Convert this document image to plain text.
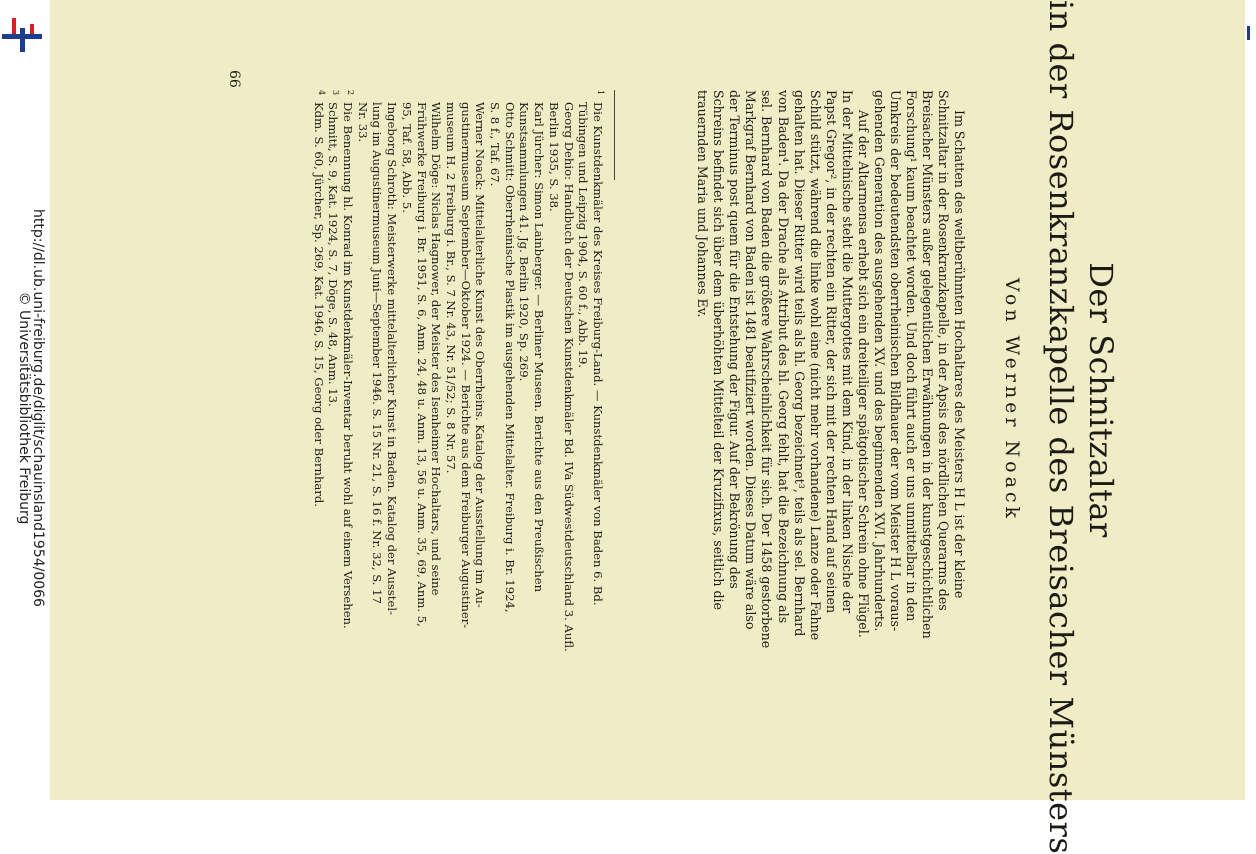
http://dl.ub.uni-freiburg.de/diglit/schauinsland1954/0066
© Universitätsbibliothek Freiburg	Der Schnitzaltar
in der Rosenkranzkapelle des Breisacher Münsters
Von Werner Noack
Im Schatten des weltberühmten Hochaltares des Meisters H L ist der kleine
Schnitzaltar in der Rosenkranzkapelle, in der Apsis des nördlichen Querarms des
Breisacher Münsters außer gelegentlichen Erwähnungen in der kunstgeschichtlichen
Forschung¹ kaum beachtet worden. Und doch führt auch er uns unmittelbar in den
Umkreis der bedeutendsten oberrheinischen Bildhauer der vom Meister H L voraus-
gehenden Generation des ausgehenden XV. und des beginnenden XVI. Jahrhunderts.
Auf der Altarmensa erhebt sich ein dreiteiliger spätgotischer Schrein ohne Flügel.
In der Mittelnische steht die Muttergottes mit dem Kind, in der linken Nische der
Papst Gregor², in der rechten ein Ritter, der sich mit der rechten Hand auf seinen
Schild stützt, während die linke wohl eine (nicht mehr vorhandene) Lanze oder Fahne
gehalten hat. Dieser Ritter wird teils als hl. Georg bezeichnet³, teils als sel. Bernhard
von Baden⁴. Da der Drache als Attribut des hl. Georg fehlt, hat die Bezeichnung als
sel. Bernhard von Baden die größere Wahrscheinlichkeit für sich. Der 1458 gestorbene
Markgraf Bernhard von Baden ist 1481 beatifiziert worden. Dieses Datum wäre also
der Terminus post quem für die Entstehung der Figur. Auf der Bekrönung des
Schreins befindet sich über dem überhöhten Mittelteil der Kruzifixus, seitlich die
trauernden Maria und Johannes Ev.
1
Die Kunstdenkmäler des Kreises Freiburg-Land. — Kunstdenkmäler von Baden 6. Bd.
Tübingen und Leipzig 1904, S. 60 f., Abb. 19.
Georg Dehio: Handbuch der Deutschen Kunstdenkmäler Bd. IVa Südwestdeutschland 3. Aufl.
Berlin 1935, S. 38.
Karl Jürcher: Simon Lainberger. — Berliner Museen. Berichte aus den Preußischen
Kunstsammlungen 41. Jg. Berlin 1920, Sp. 269.
Otto Schmitt: Oberrheinische Plastik im ausgehenden Mittelalter. Freiburg i. Br. 1924,
S. 8 f., Taf. 67.
Werner Noack: Mittelalterliche Kunst des Oberrheins. Katalog der Ausstellung im Au-
gustinermuseum September—Oktober 1924. — Berichte aus dem Freiburger Augustiner-
museum H. 2 Freiburg i. Br., S. 7 Nr. 43, Nr. 51/52; S. 8 Nr. 57.
Wilhelm Döge: Niclas Hagnower, der Meister des Isenheimer Hochaltars, und seine
Frühwerke Freiburg i. Br. 1951, S. 6, Anm. 24, 48 u. Anm. 13, 56 u. Anm. 35, 69, Anm. 5,
95, Taf. 58, Abb. 5.
Ingeborg Schroth: Meisterwerke mittelalterlicher Kunst in Baden. Katalog der Ausstel-
lung im Augustinermuseum Juni—September 1946. S. 15 Nr. 21, S. 16 f. Nr. 32, S. 17
Nr. 33.
2
Die Benennung hl. Konrad im Kunstdenkmäler-Inventar beruht wohl auf einem Versehen.
3
Schmitt, S. 9, Kat. 1924, S. 7, Döge, S. 48, Anm. 13.
4
Kdm. S. 60, Jürcher, Sp. 269, Kat. 1946, S. 15, Georg oder Bernhard.
66
